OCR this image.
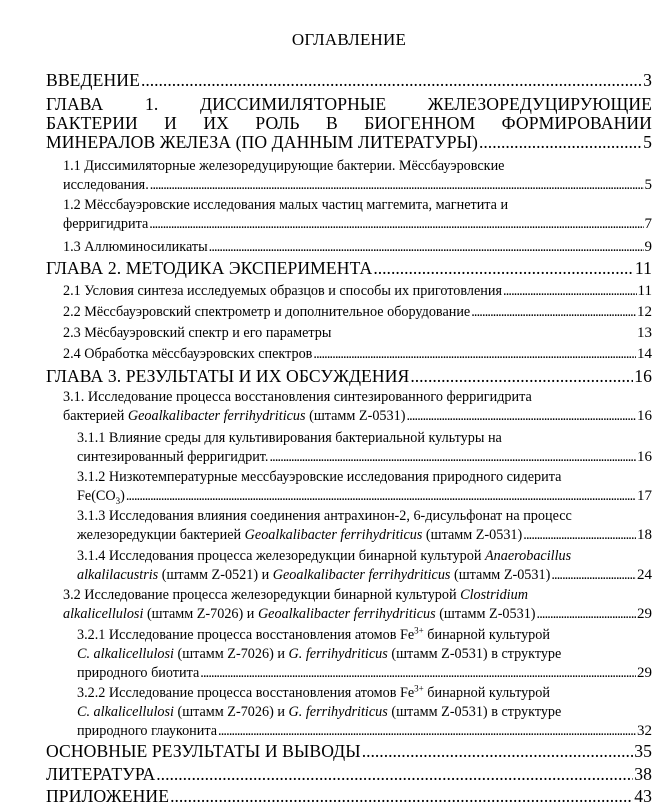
ОГЛАВЛЕНИЕ
ВВЕДЕНИЕ . . .	3
ГЛАВА 1. ДИССИМИЛЯТОРНЫЕ ЖЕЛЕЗОРЕДУЦИРУЮЩИЕ
БАКТЕРИИ И ИХ РОЛЬ В БИОГЕННОМ ФОРМИРОВАНИИ
МИНЕРАЛОВ ЖЕЛЕЗА (ПО ДАННЫМ ЛИТЕРАТУРЫ) . . .	5
1.1 Диссимиляторные железоредуцирующие бактерии. Мёссбауэровские
исследования. . . .	5
1.2 Мёссбауэровские исследования малых частиц маггемита, магнетита и
ферригидрита . . .	7
1.3 Аллюминосиликаты . . .	9
ГЛАВА 2. МЕТОДИКА ЭКСПЕРИМЕНТА . . .	11
2.1 Условия синтеза исследуемых образцов и способы их приготовления . . .	11
2.2 Мёссбауэровский спектрометр и дополнительное оборудование . . .	12
2.3 Мёсбауэровский спектр и его параметры	13
2.4 Обработка мёссбауэровских спектров . . .	14
ГЛАВА 3. РЕЗУЛЬТАТЫ И ИХ ОБСУЖДЕНИЯ . . .	16
3.1. Исследование процесса восстановления синтезированного ферригидрита
бактерией Geoalkalibacter ferrihydriticus (штамм Z-0531) . . .	16
3.1.1 Влияние среды для культивирования бактериальной культуры на
синтезированный ферригидрит. . . .	16
3.1.2 Низкотемпературные мессбауэровские исследования природного сидерита
$Fe(CO_3)$ . . .	17
3.1.3 Исследования влияния соединения антрахинон-2, 6-дисульфонат на процесс
железоредукции бактерией Geoalkalibacter ferrihydriticus (штамм Z-0531) . . .	18
3.1.4 Исследования процесса железоредукции бинарной культурой Anaerobacillus
alkalilacustris (штамм Z-0521) и Geoalkalibacter ferrihydriticus (штамм Z-0531) . . .	24
3.2 Исследование процесса железоредукции бинарной культурой Clostridium
alkalicellulosi (штамм Z-7026) и Geoalkalibacter ferrihydriticus (штамм Z-0531) . . .	29
3.2.1 Исследование процесса восстановления атомов $Fe^{3+}$ бинарной культурой
C. alkalicellulosi (штамм Z-7026) и G. ferrihydriticus (штамм Z-0531) в структуре
природного биотита . . .	29
3.2.2 Исследование процесса восстановления атомов $Fe^{3+}$ бинарной культурой
C. alkalicellulosi (штамм Z-7026) и G. ferrihydriticus (штамм Z-0531) в структуре
природного глауконита . . .	32
ОСНОВНЫЕ РЕЗУЛЬТАТЫ И ВЫВОДЫ . . .	35
ЛИТЕРАТУРА . . .	38
ПРИЛОЖЕНИЕ . . .	43
